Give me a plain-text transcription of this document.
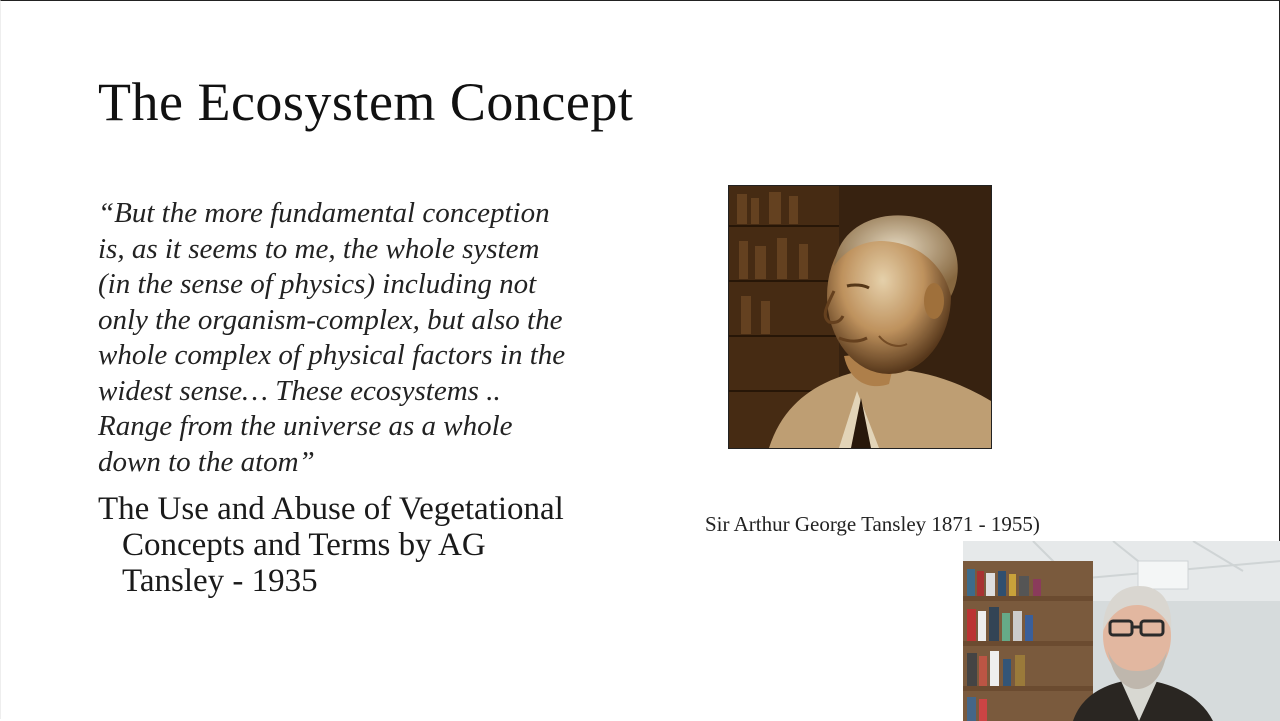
The Ecosystem Concept
“But the more fundamental conception
is, as it seems to me, the whole system
(in the sense of physics) including not
only the organism-complex, but also the
whole complex of physical factors in the
widest sense… These ecosystems ..
Range from the universe as a whole
down to the atom”
The Use and Abuse of Vegetational
Concepts and Terms by AG
Tansley - 1935
Sir Arthur George Tansley 1871 - 1955)
